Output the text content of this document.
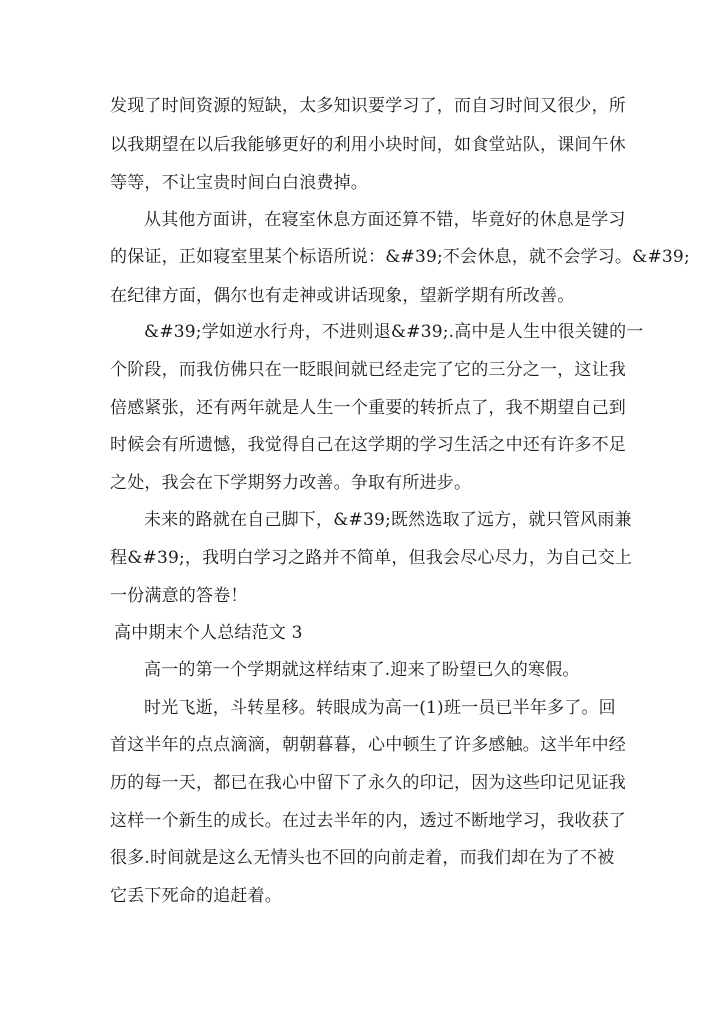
发现了时间资源的短缺，太多知识要学习了，而自习时间又很少，所

以我期望在以后我能够更好的利用小块时间，如食堂站队，课间午休

等等，不让宝贵时间白白浪费掉。

从其他方面讲，在寝室休息方面还算不错，毕竟好的休息是学习

的保证，正如寝室里某个标语所说：&#39;不会休息，就不会学习。&#39;

在纪律方面，偶尔也有走神或讲话现象，望新学期有所改善。

&#39;学如逆水行舟，不进则退&#39;.高中是人生中很关键的一

个阶段，而我仿佛只在一眨眼间就已经走完了它的三分之一，这让我

倍感紧张，还有两年就是人生一个重要的转折点了，我不期望自己到

时候会有所遗憾，我觉得自己在这学期的学习生活之中还有许多不足

之处，我会在下学期努力改善。争取有所进步。

未来的路就在自己脚下，&#39;既然选取了远方，就只管风雨兼

程&#39;，我明白学习之路并不简单，但我会尽心尽力，为自己交上

一份满意的答卷！

高中期末个人总结范文 3

高一的第一个学期就这样结束了.迎来了盼望已久的寒假。

时光飞逝，斗转星移。转眼成为高一(1)班一员已半年多了。回

首这半年的点点滴滴，朝朝暮暮，心中顿生了许多感触。这半年中经

历的每一天，都已在我心中留下了永久的印记，因为这些印记见证我

这样一个新生的成长。在过去半年的内，透过不断地学习，我收获了

很多.时间就是这么无情头也不回的向前走着，而我们却在为了不被

它丢下死命的追赶着。
